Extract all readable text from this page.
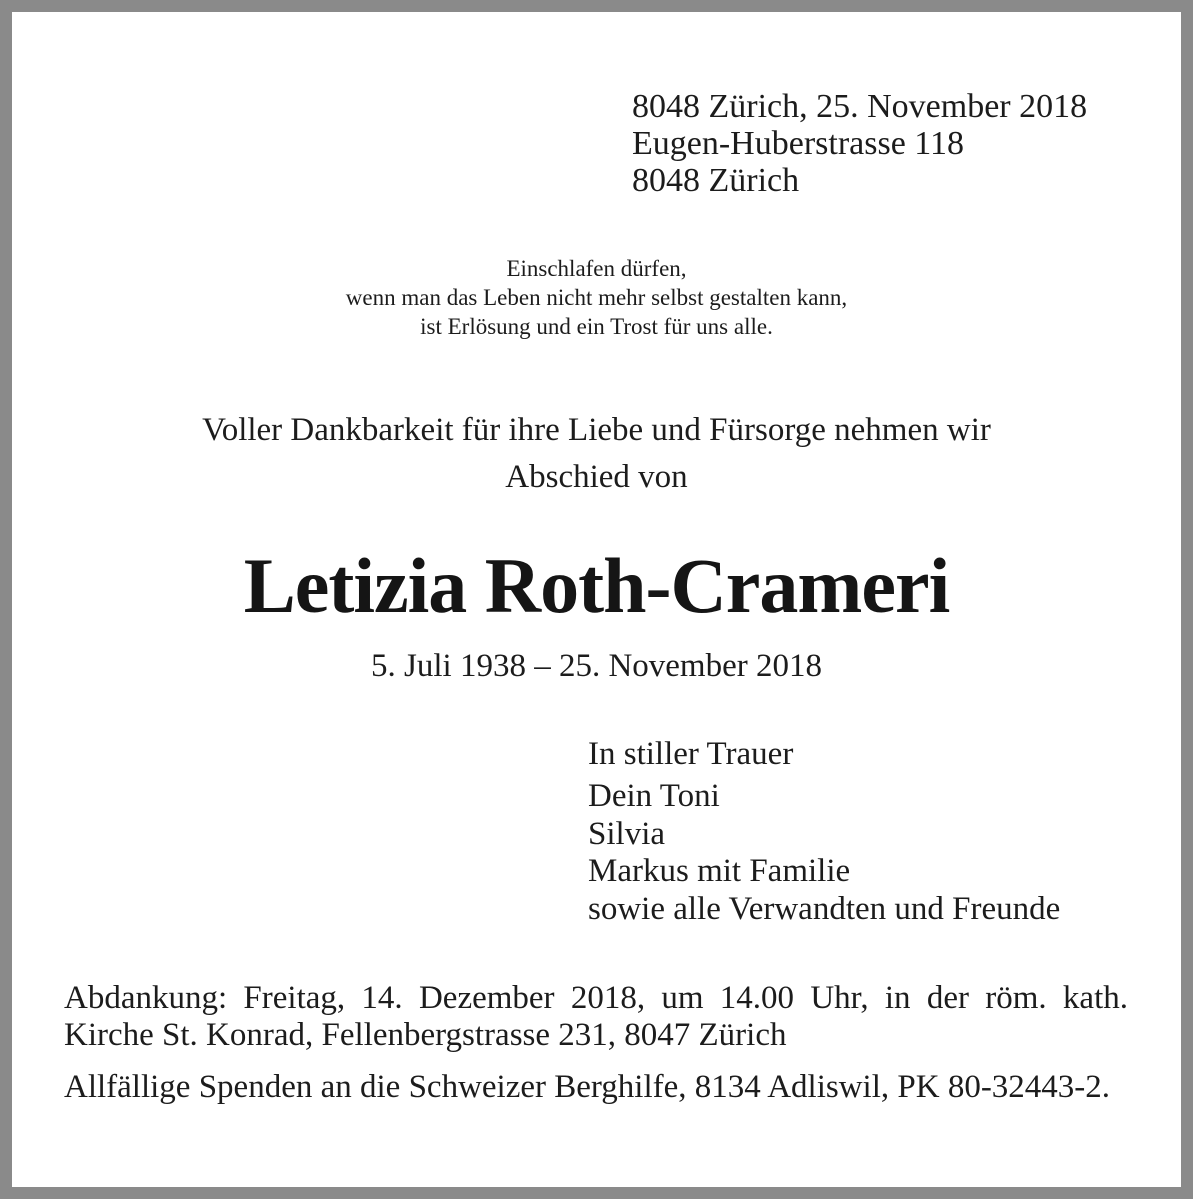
8048 Zürich, 25. November 2018
Eugen-Huberstrasse 118
8048 Zürich
Einschlafen dürfen,
wenn man das Leben nicht mehr selbst gestalten kann,
ist Erlösung und ein Trost für uns alle.
Voller Dankbarkeit für ihre Liebe und Fürsorge nehmen wir
Abschied von
Letizia Roth-Crameri
5. Juli 1938 – 25. November 2018
In stiller Trauer
Dein Toni
Silvia
Markus mit Familie
sowie alle Verwandten und Freunde

Abdankung: Freitag, 14. Dezember 2018, um 14.00 Uhr, in der röm. kath. Kirche St. Konrad, Fellenbergstrasse 231, 8047 Zürich

Allfällige Spenden an die Schweizer Berghilfe, 8134 Adliswil, PK 80-32443-2.
